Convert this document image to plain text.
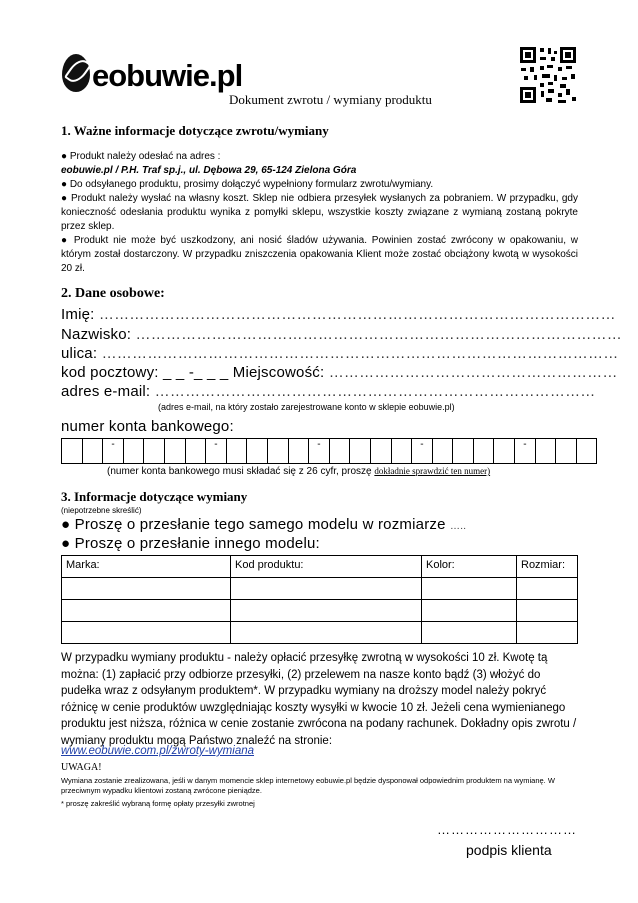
eobuwie.pl
Dokument zwrotu / wymiany produktu
1. Ważne informacje dotyczące zwrotu/wymiany
● Produkt należy odesłać na adres :
eobuwie.pl / P.H. Traf sp.j., ul. Dębowa 29, 65-124 Zielona Góra
● Do odsyłanego produktu, prosimy dołączyć wypełniony formularz zwrotu/wymiany.
● Produkt należy wysłać na własny koszt. Sklep nie odbiera przesyłek wysłanych za pobraniem. W przypadku, gdy konieczność odesłania produktu wynika z pomyłki sklepu, wszystkie koszty związane z wymianą zostaną pokryte przez sklep.
● Produkt nie może być uszkodzony, ani nosić śladów używania. Powinien zostać zwrócony w opakowaniu, w którym został dostarczony. W przypadku zniszczenia opakowania Klient może zostać obciążony kwotą w wysokości 20 zł.
2. Dane osobowe:
Imię: …………………………………………………………………………………………
Nazwisko: ……………………………………………………………………………………
ulica: …………………………………………………………………………………………
kod pocztowy: _ _ -_ _ _ Miejscowość: …………………………………………………
adres e-mail: ……………………………………………………………………………
(adres e-mail, na który zostało zarejestrowane konto w sklepie eobuwie.pl)
numer konta bankowego:
		-					-					-					-					-			
(numer konta bankowego musi składać się z 26 cyfr, proszę dokładnie sprawdzić ten numer)
3. Informacje dotyczące wymiany
(niepotrzebne skreślić)
● Proszę o przesłanie tego samego modelu w rozmiarze …..
● Proszę o przesłanie innego modelu:
Marka:	Kod produktu:	Kolor:	Rozmiar:

W przypadku wymiany produktu - należy opłacić przesyłkę zwrotną w wysokości 10 zł. Kwotę tą można: (1) zapłacić przy odbiorze przesyłki, (2) przelewem na nasze konto bądź (3) włożyć do pudełka wraz z odsyłanym produktem*. W przypadku wymiany na droższy model należy pokryć różnicę w cenie produktów uwzględniając koszty wysyłki w kwocie 10 zł. Jeżeli cena wymienianego produktu jest niższa, różnica w cenie zostanie zwrócona na podany rachunek. Dokładny opis zwrotu / wymiany produktu mogą Państwo znaleźć na stronie:
www.eobuwie.com.pl/zwroty-wymiana
UWAGA!
Wymiana zostanie zrealizowana, jeśli w danym momencie sklep internetowy eobuwie.pl będzie dysponował odpowiednim produktem na wymianę. W przeciwnym wypadku klientowi zostaną zwrócone pieniądze.
* proszę zakreślić wybraną formę opłaty przesyłki zwrotnej
…………………………
podpis klienta
